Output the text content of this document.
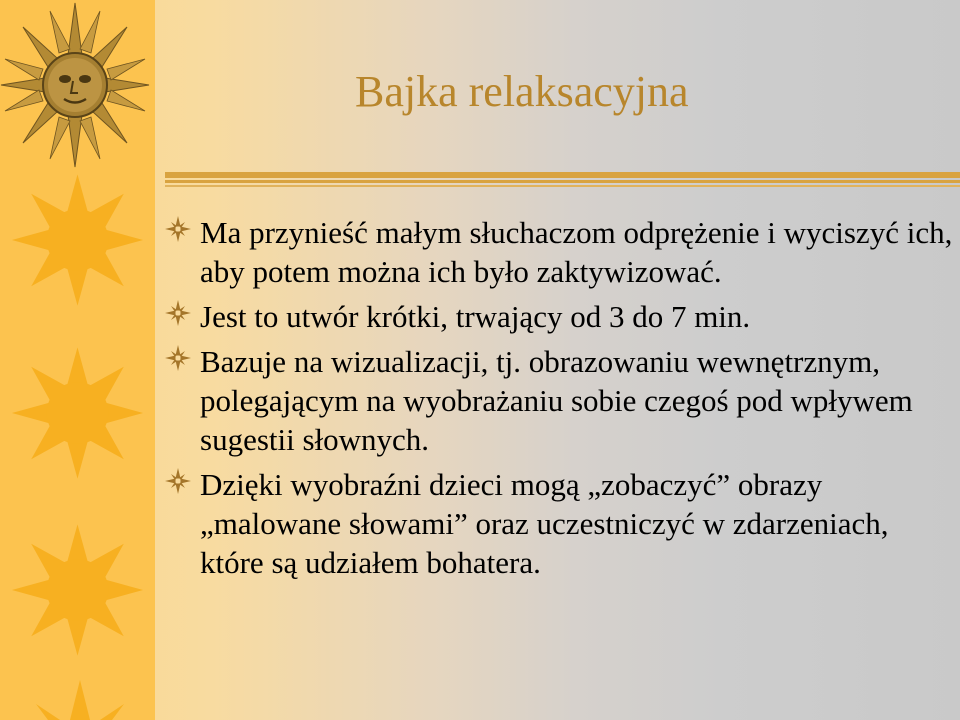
Bajka relaksacyjna
Ma przynieść małym słuchaczom odprężenie i wyciszyć ich, aby potem można ich było zaktywizować.
Jest to utwór krótki, trwający od 3 do 7 min.
Bazuje na wizualizacji, tj. obrazowaniu wewnętrznym, polegającym na wyobrażaniu sobie czegoś pod wpływem sugestii słownych.
Dzięki wyobraźni dzieci mogą „zobaczyć” obrazy „malowane słowami” oraz uczestniczyć w zdarzeniach, które są udziałem bohatera.
